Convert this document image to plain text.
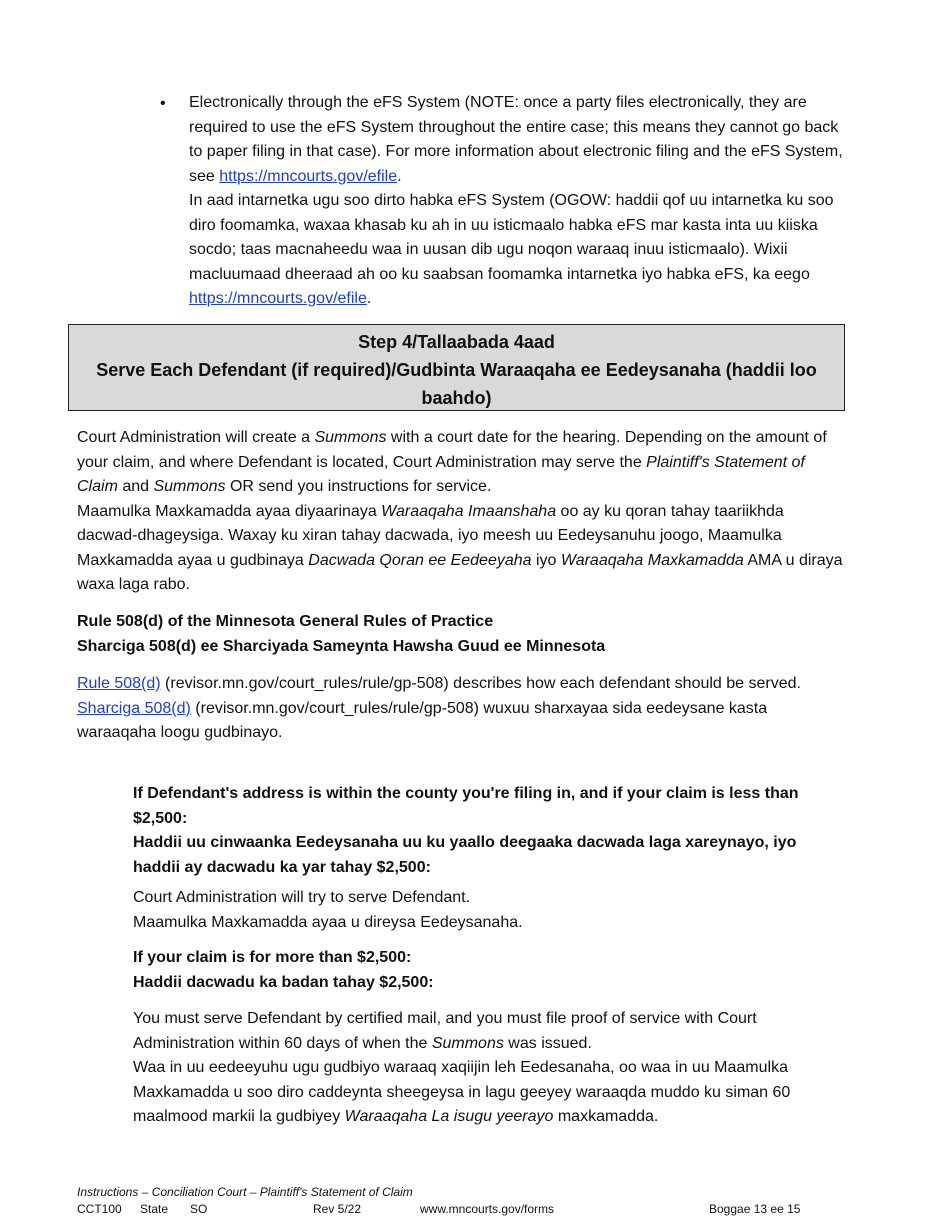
• Electronically through the eFS System (NOTE: once a party files electronically, they are required to use the eFS System throughout the entire case; this means they cannot go back to paper filing in that case). For more information about electronic filing and the eFS System, see https://mncourts.gov/efile.

In aad intarnetka ugu soo dirto habka eFS System (OGOW: haddii qof uu intarnetka ku soo diro foomamka, waxaa khasab ku ah in uu isticmaalo habka eFS mar kasta inta uu kiiska socdo; taas macnaheedu waa in uusan dib ugu noqon waraaq inuu isticmaalo). Wixii macluumaad dheeraad ah oo ku saabsan foomamka intarnetka iyo habka eFS, ka eego https://mncourts.gov/efile.

Step 4/Tallaabada 4aad
Serve Each Defendant (if required)/Gudbinta Waraaqaha ee Eedeysanaha (haddii loo baahdo)

Court Administration will create a Summons with a court date for the hearing. Depending on the amount of your claim, and where Defendant is located, Court Administration may serve the Plaintiff's Statement of Claim and Summons OR send you instructions for service.

Maamulka Maxkamadda ayaa diyaarinaya Waraaqaha Imaanshaha oo ay ku qoran tahay taariikhda dacwad-dhageysiga. Waxay ku xiran tahay dacwada, iyo meesh uu Eedeysanuhu joogo, Maamulka Maxkamadda ayaa u gudbinaya Dacwada Qoran ee Eedeeyaha iyo Waraaqaha Maxkamadda AMA u diraya waxa laga rabo.

Rule 508(d) of the Minnesota General Rules of Practice

Sharciga 508(d) ee Sharciyada Sameynta Hawsha Guud ee Minnesota

Rule 508(d) (revisor.mn.gov/court_rules/rule/gp-508) describes how each defendant should be served.

Sharciga 508(d) (revisor.mn.gov/court_rules/rule/gp-508) wuxuu sharxayaa sida eedeysane kasta waraaqaha loogu gudbinayo.

If Defendant's address is within the county you're filing in, and if your claim is less than $2,500:

Haddii uu cinwaanka Eedeysanaha uu ku yaallo deegaaka dacwada laga xareynayo, iyo haddii ay dacwadu ka yar tahay $2,500:

Court Administration will try to serve Defendant.

Maamulka Maxkamadda ayaa u direysa Eedeysanaha.

If your claim is for more than $2,500:

Haddii dacwadu ka badan tahay $2,500:

You must serve Defendant by certified mail, and you must file proof of service with Court Administration within 60 days of when the Summons was issued.

Waa in uu eedeeyuhu ugu gudbiyo waraaq xaqiijin leh Eedesanaha, oo waa in uu Maamulka Maxkamadda u soo diro caddeynta sheegeysa in lagu geeyey waraaqda muddo ku siman 60 maalmood markii la gudbiyey Waraaqaha La isugu yeerayo maxkamadda.

Instructions – Conciliation Court – Plaintiff's Statement of Claim
CCT100 State SO	Rev 5/22	www.mncourts.gov/forms	Boggae 13 ee 15
